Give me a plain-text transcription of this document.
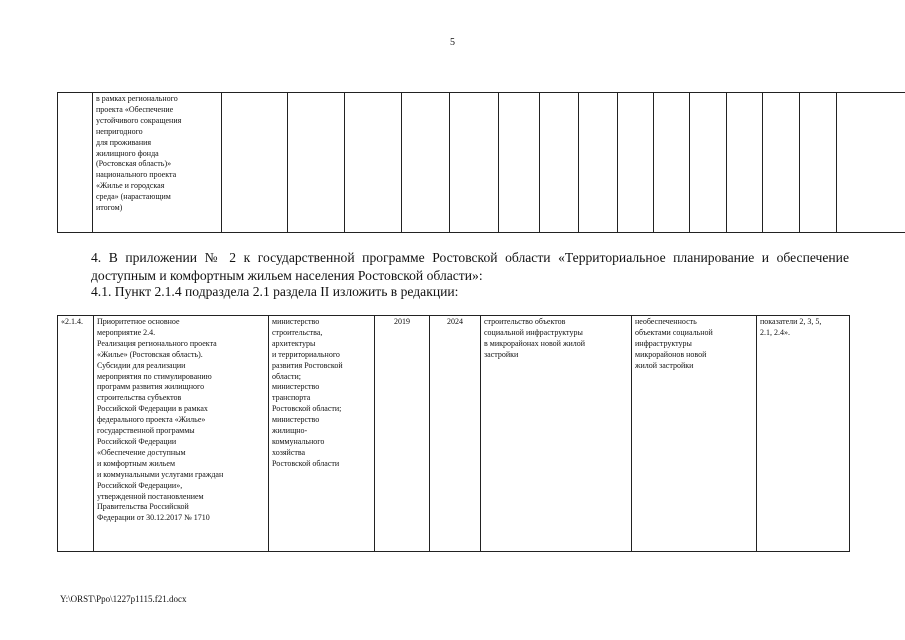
5
	в рамках регионального
проекта «Обеспечение
устойчивого сокращения
непригодного
для проживания
жилищного фонда
(Ростовская область)»
национального проекта
«Жилье и городская
среда» (нарастающим
итогом)															
4. В приложении № 2 к государственной программе Ростовской области «Территориальное планирование и обеспечение доступным и комфортным жильем населения Ростовской области»:
4.1. Пункт 2.1.4 подраздела 2.1 раздела II изложить в редакции:
«2.1.4.	Приоритетное основное
мероприятие 2.4.
Реализация регионального проекта
«Жилье» (Ростовская область).
Субсидии для реализации
мероприятия по стимулированию
программ развития жилищного
строительства субъектов
Российской Федерации в рамках
федерального проекта «Жилье»
государственной программы
Российской Федерации
«Обеспечение доступным
и комфортным жильем
и коммунальными услугами граждан
Российской Федерации»,
утвержденной постановлением
Правительства Российской
Федерации от 30.12.2017 № 1710	министерство
строительства,
архитектуры
и территориального
развития Ростовской
области;
министерство
транспорта
Ростовской области;
министерство
жилищно-
коммунального
хозяйства
Ростовской области	2019	2024	строительство объектов
социальной инфраструктуры
в микрорайонах новой жилой
застройки	необеспеченность
объектами социальной
инфраструктуры
микрорайонов новой
жилой застройки	показатели 2, 3, 5,
2.1, 2.4».
Y:\ORST\Ppo\1227p1115.f21.docx
